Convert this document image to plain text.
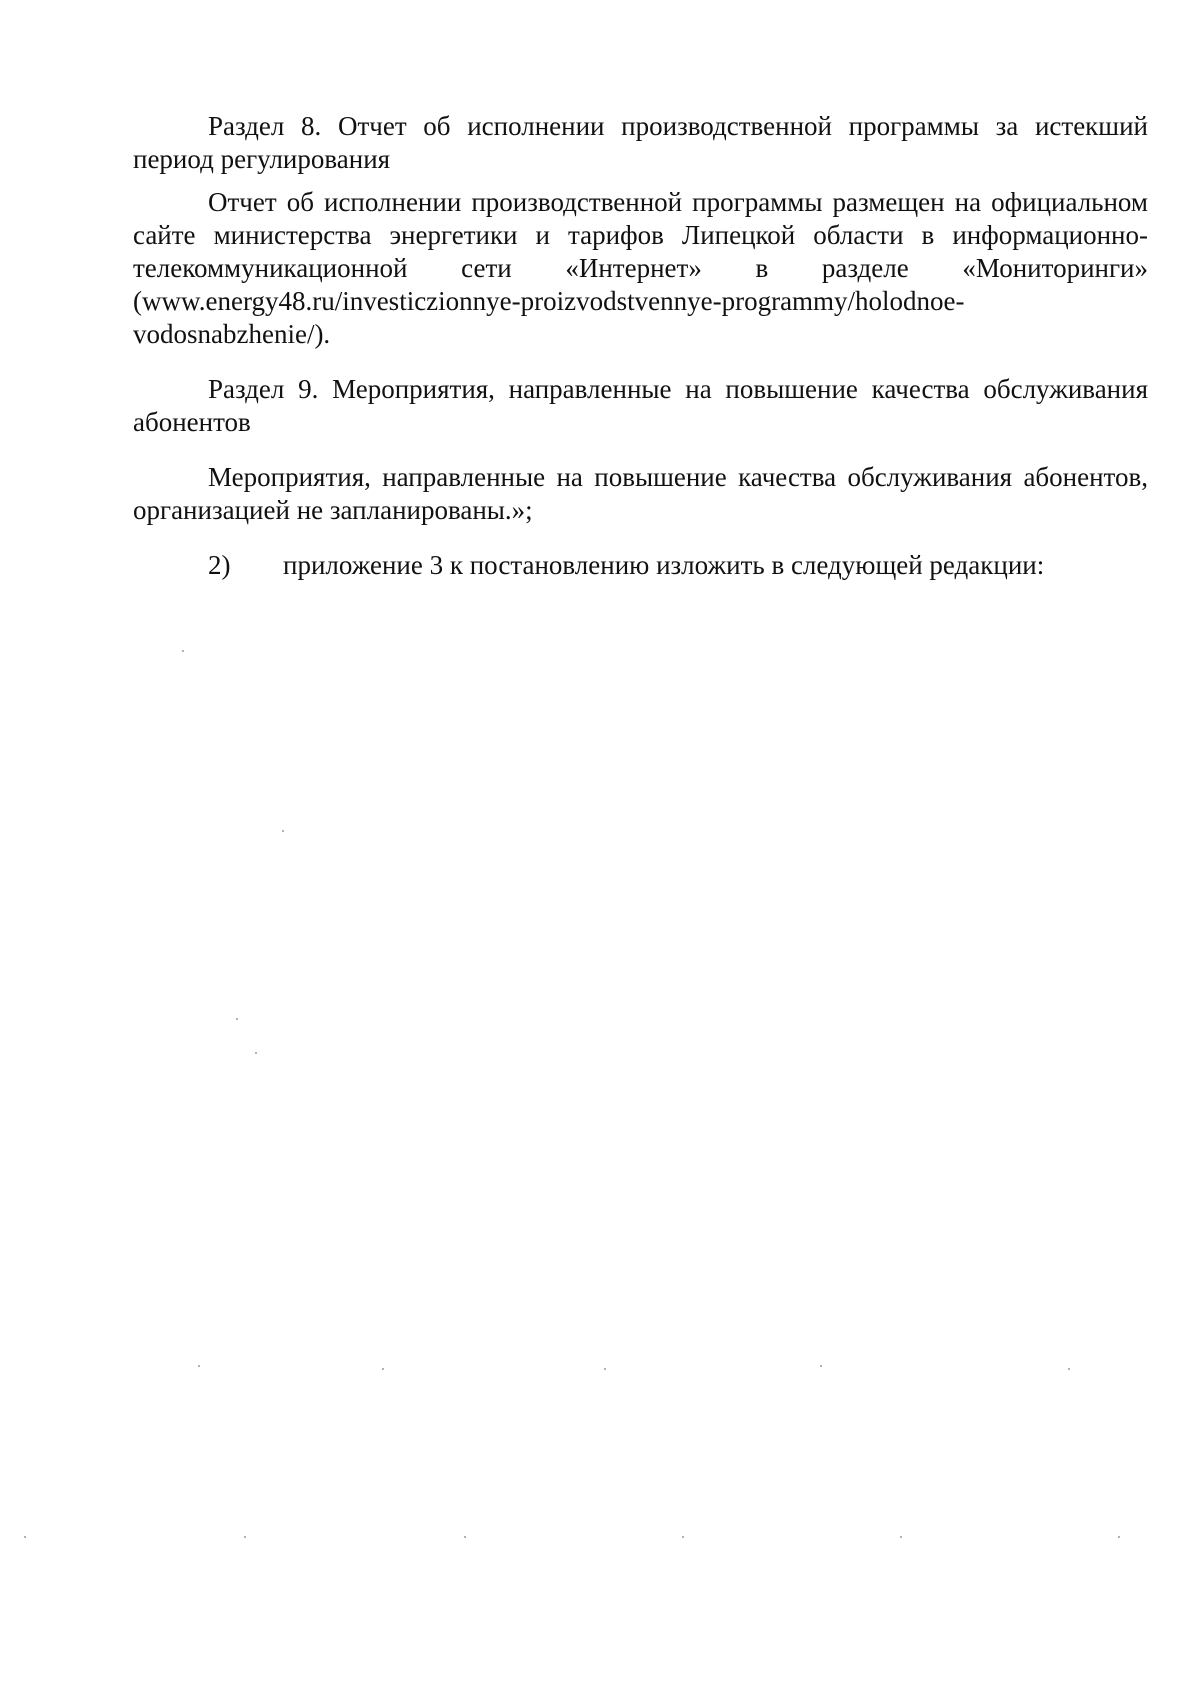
Раздел 8. Отчет об исполнении производственной программы за истекший период регулирования

Отчет об исполнении производственной программы размещен на официальном сайте министерства энергетики и тарифов Липецкой области в информационно-телекоммуникационной сети «Интернет» в разделе «Мониторинги» (www.energy48.ru/investiczionnye-proizvodstvennye-programmy/holodnoe-vodosnabzhenie/).

Раздел 9. Мероприятия, направленные на повышение качества обслуживания абонентов

Мероприятия, направленные на повышение качества обслуживания абонентов, организацией не запланированы.»;

2)	приложение 3 к постановлению изложить в следующей редакции:
